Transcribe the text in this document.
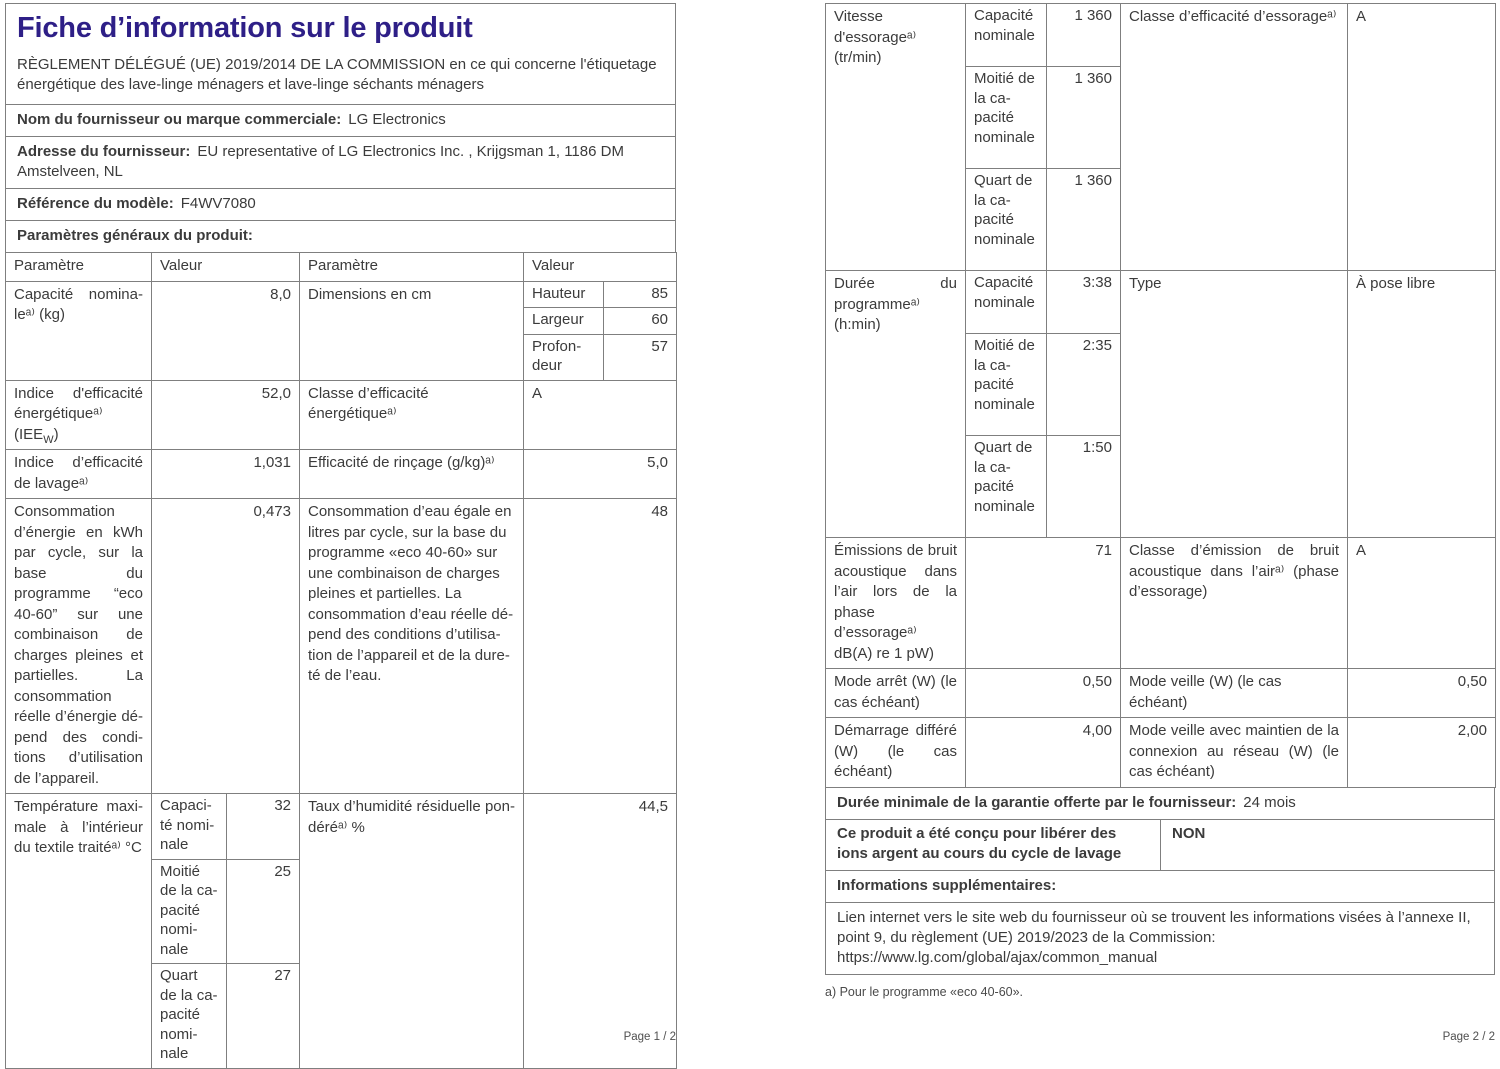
Fiche d’information sur le produit

RÈGLEMENT DÉLÉGUÉ (UE) 2019/2014 DE LA COMMISSION en ce qui concerne l'étiquetage énergétique des lave-linge ménagers et lave-linge séchants ménagers

Nom du fournisseur ou marque commerciale: LG Electronics
Adresse du fournisseur: EU representative of LG Electronics Inc. , Krijgsman 1, 1186 DM Amstelveen, NL
Référence du modèle: F4WV7080
Paramètres généraux du produit:
Paramètre	Valeur		Paramètre	Valeur	
Capacité nominaleᵃ⁾ (kg)	8,0		Dimensions en cm	Hauteur	85
				Largeur	60
				Profondeur	57
Indice d'efficacité énergétiqueᵃ⁾ $(IEE_W)$	52,0		Classe d’efficacité énergétiqueᵃ⁾	A	
Indice d’efficacité de lavageᵃ⁾	1,031		Efficacité de rinçage (g/kg)ᵃ⁾	5,0	
Consommation d’énergie en kWh par cycle, sur la base du programme “eco 40-60” sur une combinaison de charges pleines et partielles. La consommation réelle d’énergie dépend des conditions d’utilisation de l’appareil.	0,473	Consommation d’eau égale en litres par cycle, sur la base du programme «eco 40-60» sur une combinaison de charges pleines et partielles. La consommation d’eau réelle dépend des conditions d’utilisation de l’appareil et de la dureté de l’eau.	48
Température maximale à l’intérieur du textile traitéᵃ⁾ °C	Capacité nominale	32	Taux d’humidité résiduelle pondéréᵃ⁾ %	44,5	
	Moitié de la capacité nominale	25			
	Quart de la capacité nominale	27			
Page 1 / 2
Vitesse d'essorageᵃ⁾ (tr/min)	Capacité nominale	1 360	Classe d’efficacité d’essorageᵃ⁾	A
	Moitié de la capacité nominale	1 360		
	Quart de la capacité nominale	1 360		
Durée du programmeᵃ⁾ (h:min)	Capacité nominale	3:38	Type	À pose libre
	Moitié de la capacité nominale	2:35		
	Quart de la capacité nominale	1:50		
Émissions de bruit acoustique dans l’air lors de la phase d’essorageᵃ⁾ dB(A) re 1 pW)	71		Classe d’émission de bruit acoustique dans l’airᵃ⁾ (phase d’essorage)	A
Mode arrêt (W) (le cas échéant)	0,50		Mode veille (W) (le cas échéant)	0,50
Démarrage différé (W) (le cas échéant)	4,00		Mode veille avec maintien de la connexion au réseau (W) (le cas échéant)	2,00
Durée minimale de la garantie offerte par le fournisseur: 24 mois
Ce produit a été conçu pour libérer des ions argent au cours du cycle de lavage
NON
Informations supplémentaires:
Lien internet vers le site web du fournisseur où se trouvent les informations visées à l’annexe II, point 9, du règlement (UE) 2019/2023 de la Commission: https://www.lg.com/global/ajax/common_manual
a) Pour le programme «eco 40-60».
Page 2 / 2
